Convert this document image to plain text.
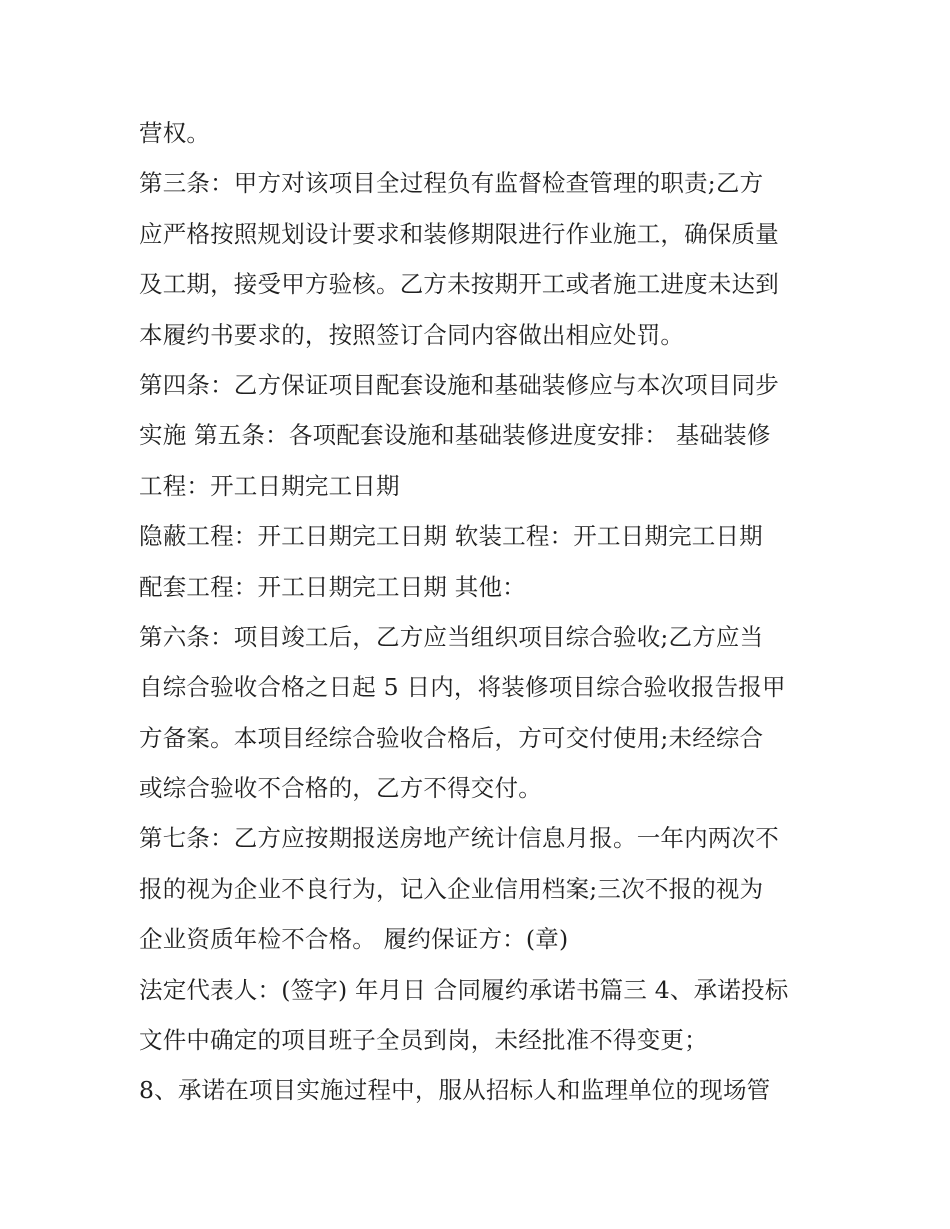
营权。
第三条：甲方对该项目全过程负有监督检查管理的职责;乙方
应严格按照规划设计要求和装修期限进行作业施工，确保质量
及工期，接受甲方验核。乙方未按期开工或者施工进度未达到
本履约书要求的，按照签订合同内容做出相应处罚。
第四条：乙方保证项目配套设施和基础装修应与本次项目同步
实施 第五条：各项配套设施和基础装修进度安排： 基础装修
工程：开工日期完工日期
隐蔽工程：开工日期完工日期 软装工程：开工日期完工日期
配套工程：开工日期完工日期 其他：
第六条：项目竣工后，乙方应当组织项目综合验收;乙方应当
自综合验收合格之日起 5 日内，将装修项目综合验收报告报甲
方备案。本项目经综合验收合格后，方可交付使用;未经综合
或综合验收不合格的，乙方不得交付。
第七条：乙方应按期报送房地产统计信息月报。一年内两次不
报的视为企业不良行为，记入企业信用档案;三次不报的视为
企业资质年检不合格。 履约保证方：(章)
法定代表人：(签字) 年月日 合同履约承诺书篇三 4、承诺投标
文件中确定的项目班子全员到岗，未经批准不得变更；
8、承诺在项目实施过程中，服从招标人和监理单位的现场管
